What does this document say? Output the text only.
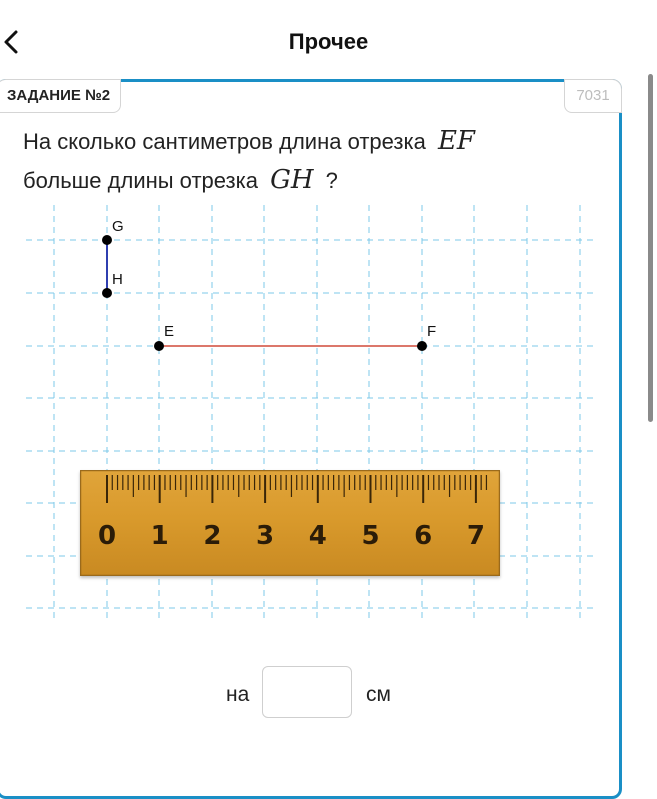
Прочее
ЗАДАНИЕ №2	7031
На сколько сантиметров длина отрезка EF
больше длины отрезка GH ?
G
H
E	F
0 1 2 3 4 5 6 7
на	см
